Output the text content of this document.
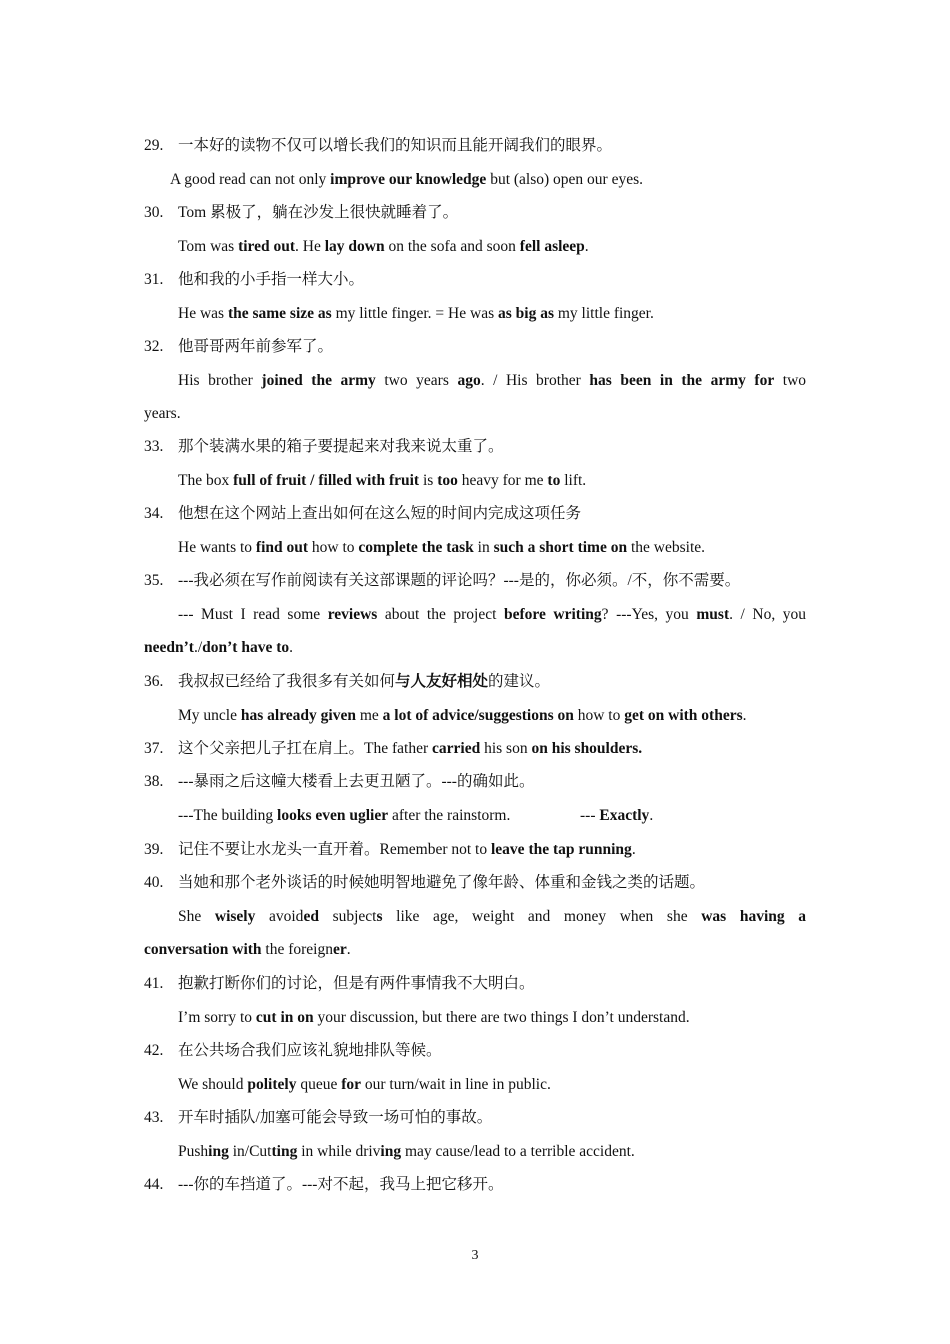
29. 一本好的读物不仅可以增长我们的知识而且能开阔我们的眼界。
A good read can not only improve our knowledge but (also) open our eyes.
30. Tom 累极了，躺在沙发上很快就睡着了。
Tom was tired out. He lay down on the sofa and soon fell asleep.
31. 他和我的小手指一样大小。
He was the same size as my little finger. = He was as big as my little finger.
32. 他哥哥两年前参军了。
His brother joined the army two years ago. / His brother has been in the army for two
years.
33. 那个装满水果的箱子要提起来对我来说太重了。
The box full of fruit / filled with fruit is too heavy for me to lift.
34. 他想在这个网站上查出如何在这么短的时间内完成这项任务
He wants to find out how to complete the task in such a short time on the website.
35. ---我必须在写作前阅读有关这部课题的评论吗？---是的，你必须。/不，你不需要。
--- Must I read some reviews about the project before writing? ---Yes, you must. / No, you
needn’t./don’t have to.
36. 我叔叔已经给了我很多有关如何与人友好相处的建议。
My uncle has already given me a lot of advice/suggestions on how to get on with others.
37. 这个父亲把儿子扛在肩上。The father carried his son on his shoulders.
38. ---暴雨之后这幢大楼看上去更丑陋了。---的确如此。
---The building looks even uglier after the rainstorm.	--- Exactly.
39. 记住不要让水龙头一直开着。Remember not to leave the tap running.
40. 当她和那个老外谈话的时候她明智地避免了像年龄、体重和金钱之类的话题。
She wisely avoided subjects like age, weight and money when she was having a
conversation with the foreigner.
41. 抱歉打断你们的讨论，但是有两件事情我不大明白。
I’m sorry to cut in on your discussion, but there are two things I don’t understand.
42. 在公共场合我们应该礼貌地排队等候。
We should politely queue for our turn/wait in line in public.
43. 开车时插队/加塞可能会导致一场可怕的事故。
Pushing in/Cutting in while driving may cause/lead to a terrible accident.
44. ---你的车挡道了。---对不起，我马上把它移开。
3
